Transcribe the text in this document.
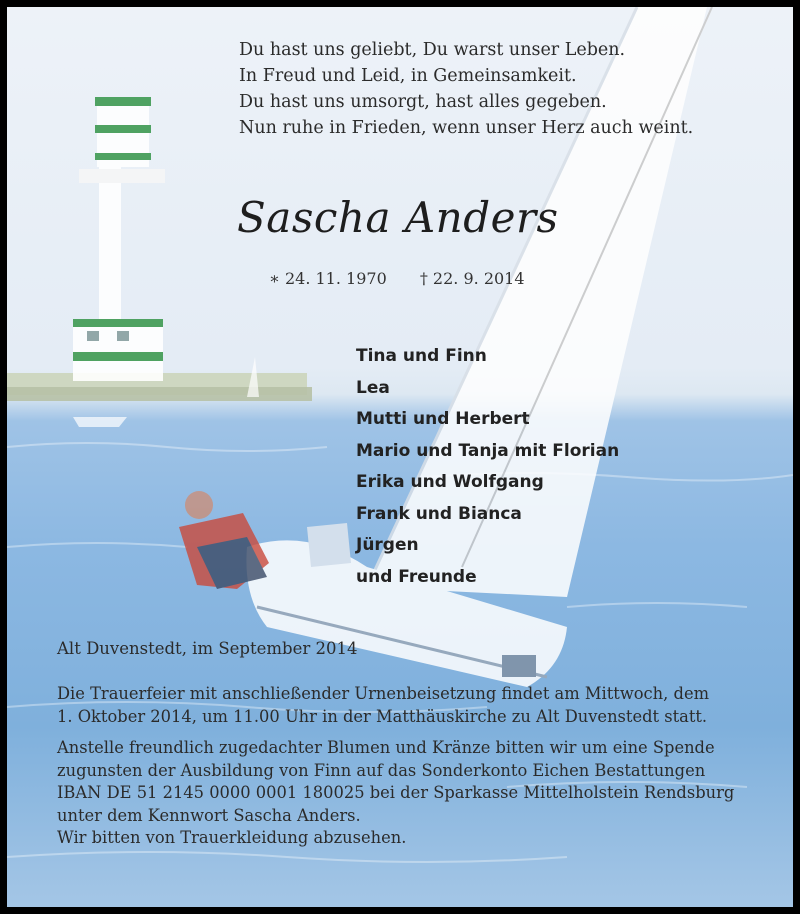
Du hast uns geliebt, Du warst unser Leben.
In Freud und Leid, in Gemeinsamkeit.
Du hast uns umsorgt, hast alles gegeben.
Nun ruhe in Frieden, wenn unser Herz auch weint.
Sascha Anders
∗ 24. 11. 1970 † 22. 9. 2014
Tina und Finn
Lea
Mutti und Herbert
Mario und Tanja mit Florian
Erika und Wolfgang
Frank und Bianca
Jürgen
und Freunde
Alt Duvenstedt, im September 2014
Die Trauerfeier mit anschließender Urnenbeisetzung findet am Mittwoch, dem
1. Oktober 2014, um 11.00 Uhr in der Matthäuskirche zu Alt Duvenstedt statt.
Anstelle freundlich zugedachter Blumen und Kränze bitten wir um eine Spende
zugunsten der Ausbildung von Finn auf das Sonderkonto Eichen Bestattungen
IBAN DE 51 2145 0000 0001 180025 bei der Sparkasse Mittelholstein Rendsburg
unter dem Kennwort Sascha Anders.
Wir bitten von Trauerkleidung abzusehen.
